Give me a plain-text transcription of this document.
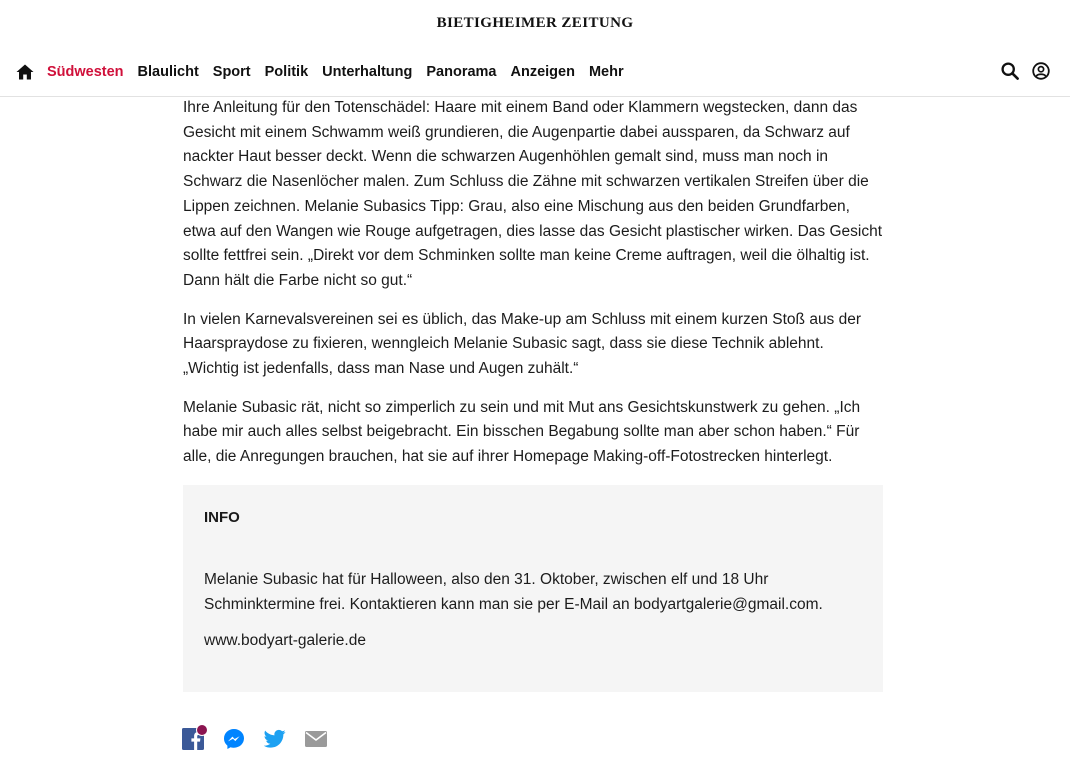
BIETIGHEIMER ZEITUNG
Südwesten Blaulicht Sport Politik Unterhaltung Panorama Anzeigen Mehr

Ihre Anleitung für den Totenschädel: Haare mit einem Band oder Klammern wegstecken, dann das Gesicht mit einem Schwamm weiß grundieren, die Augenpartie dabei aussparen, da Schwarz auf nackter Haut besser deckt. Wenn die schwarzen Augenhöhlen gemalt sind, muss man noch in Schwarz die Nasenlöcher malen. Zum Schluss die Zähne mit schwarzen vertikalen Streifen über die Lippen zeichnen. Melanie Subasics Tipp: Grau, also eine Mischung aus den beiden Grundfarben, etwa auf den Wangen wie Rouge aufgetragen, dies lasse das Gesicht plastischer wirken. Das Gesicht sollte fettfrei sein. „Direkt vor dem Schminken sollte man keine Creme auftragen, weil die ölhaltig ist. Dann hält die Farbe nicht so gut.“

In vielen Karnevalsvereinen sei es üblich, das Make-up am Schluss mit einem kurzen Stoß aus der Haarspraydose zu fixieren, wenngleich Melanie Subasic sagt, dass sie diese Technik ablehnt. „Wichtig ist jedenfalls, dass man Nase und Augen zuhält.“

Melanie Subasic rät, nicht so zimperlich zu sein und mit Mut ans Gesichtskunstwerk zu gehen. „Ich habe mir auch alles selbst beigebracht. Ein bisschen Begabung sollte man aber schon haben.“ Für alle, die Anregungen brauchen, hat sie auf ihrer Homepage Making-off-Fotostrecken hinterlegt.

INFO
Melanie Subasic hat für Halloween, also den 31. Oktober, zwischen elf und 18 Uhr Schminktermine frei. Kontaktieren kann man sie per E-Mail an bodyartgalerie@gmail.com.
www.bodyart-galerie.de
